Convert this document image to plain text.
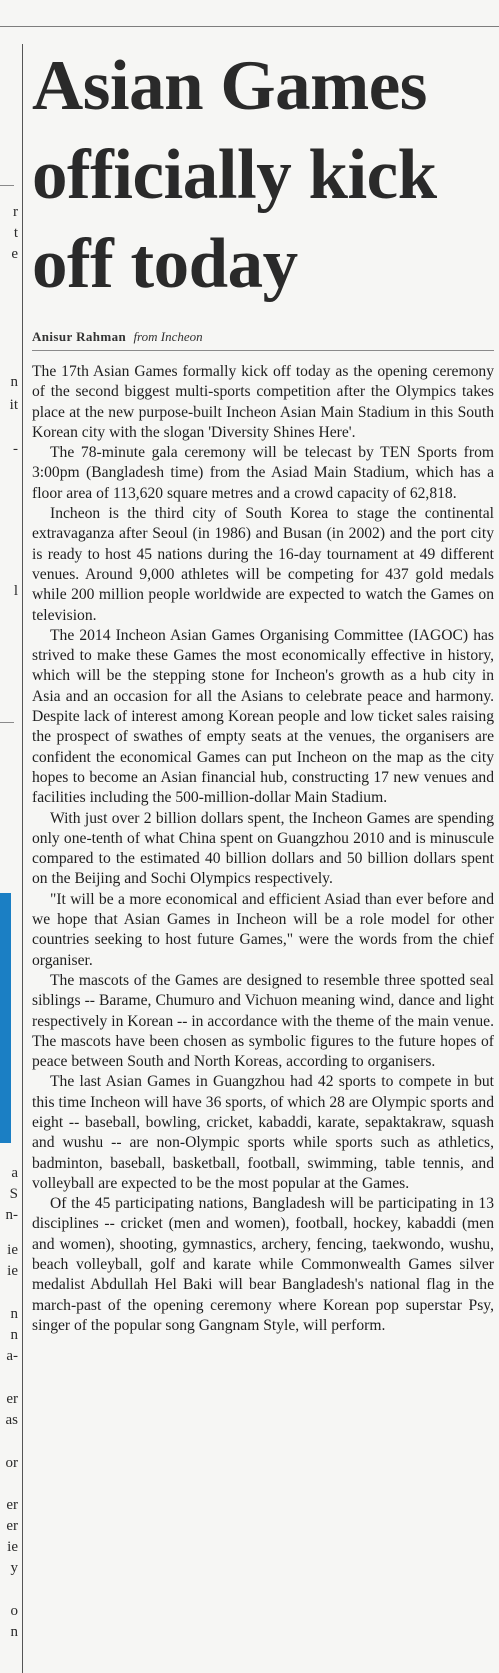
r
t
e
n
it
-
l
a
S
n-
ie
ie
n
n
a-
er
as
or
er
er
ie
y
o
n
Asian Games officially kick off today
Anisur Rahman from Incheon

The 17th Asian Games formally kick off today as the opening ceremony of the second biggest multi-sports competition after the Olympics takes place at the new purpose-built Incheon Asian Main Stadium in this South Korean city with the slogan 'Diversity Shines Here'.

The 78-minute gala ceremony will be telecast by TEN Sports from 3:00pm (Bangladesh time) from the Asiad Main Stadium, which has a floor area of 113,620 square metres and a crowd capacity of 62,818.

Incheon is the third city of South Korea to stage the continental extravaganza after Seoul (in 1986) and Busan (in 2002) and the port city is ready to host 45 nations during the 16-day tournament at 49 different venues. Around 9,000 athletes will be competing for 437 gold medals while 200 million people worldwide are expected to watch the Games on television.

The 2014 Incheon Asian Games Organising Committee (IAGOC) has strived to make these Games the most economically effective in history, which will be the stepping stone for Incheon's growth as a hub city in Asia and an occasion for all the Asians to celebrate peace and harmony. Despite lack of interest among Korean people and low ticket sales raising the prospect of swathes of empty seats at the venues, the organisers are confident the economical Games can put Incheon on the map as the city hopes to become an Asian financial hub, constructing 17 new venues and facilities including the 500-million-dollar Main Stadium.

With just over 2 billion dollars spent, the Incheon Games are spending only one-tenth of what China spent on Guangzhou 2010 and is minuscule compared to the estimated 40 billion dollars and 50 billion dollars spent on the Beijing and Sochi Olympics respectively.

"It will be a more economical and efficient Asiad than ever before and we hope that Asian Games in Incheon will be a role model for other countries seeking to host future Games," were the words from the chief organiser.

The mascots of the Games are designed to resemble three spotted seal siblings -- Barame, Chumuro and Vichuon meaning wind, dance and light respectively in Korean -- in accordance with the theme of the main venue. The mascots have been chosen as symbolic figures to the future hopes of peace between South and North Koreas, according to organisers.

The last Asian Games in Guangzhou had 42 sports to compete in but this time Incheon will have 36 sports, of which 28 are Olympic sports and eight -- baseball, bowling, cricket, kabaddi, karate, sepaktakraw, squash and wushu -- are non-Olympic sports while sports such as athletics, badminton, baseball, basketball, football, swimming, table tennis, and volleyball are expected to be the most popular at the Games.

Of the 45 participating nations, Bangladesh will be participating in 13 disciplines -- cricket (men and women), football, hockey, kabaddi (men and women), shooting, gymnastics, archery, fencing, taekwondo, wushu, beach volleyball, golf and karate while Commonwealth Games silver medalist Abdullah Hel Baki will bear Bangladesh's national flag in the march-past of the opening ceremony where Korean pop superstar Psy, singer of the popular song Gangnam Style, will perform.
